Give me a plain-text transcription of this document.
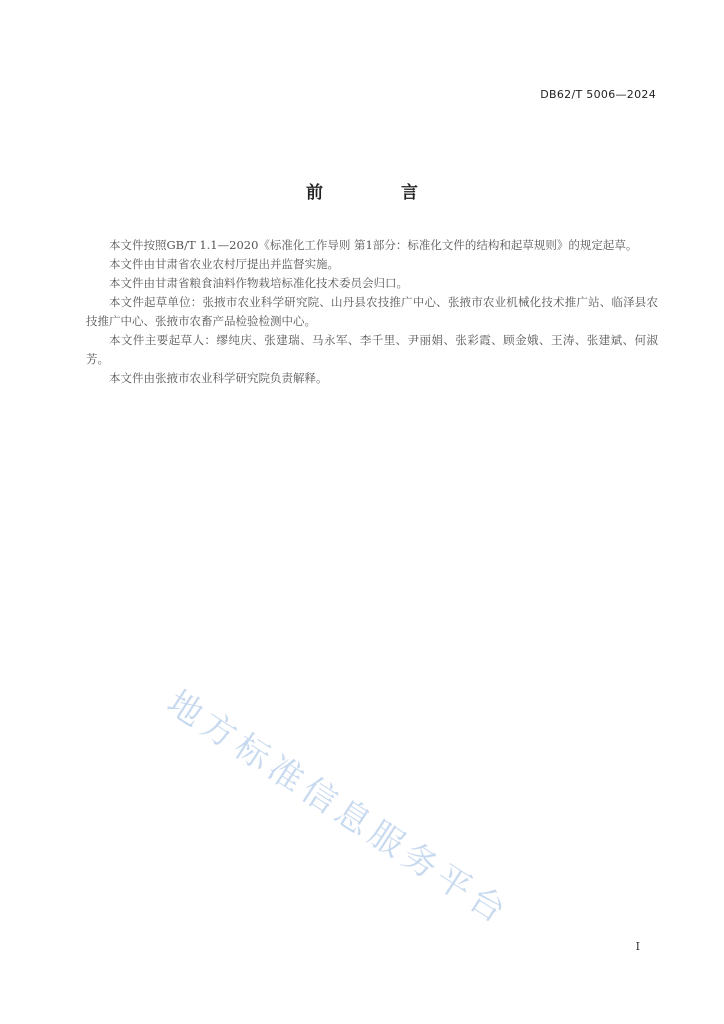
DB62/T 5006—2024
前 言

本文件按照GB/T 1.1—2020《标准化工作导则 第1部分：标准化文件的结构和起草规则》的规定起草。

本文件由甘肃省农业农村厅提出并监督实施。

本文件由甘肃省粮食油料作物栽培标准化技术委员会归口。

本文件起草单位：张掖市农业科学研究院、山丹县农技推广中心、张掖市农业机械化技术推广站、临泽县农技推广中心、张掖市农畜产品检验检测中心。

本文件主要起草人：缪纯庆、张建瑞、马永军、李千里、尹丽娟、张彩霞、顾金娥、王涛、张建斌、何淑芳。

本文件由张掖市农业科学研究院负责解释。

地方标准信息服务平台
I
